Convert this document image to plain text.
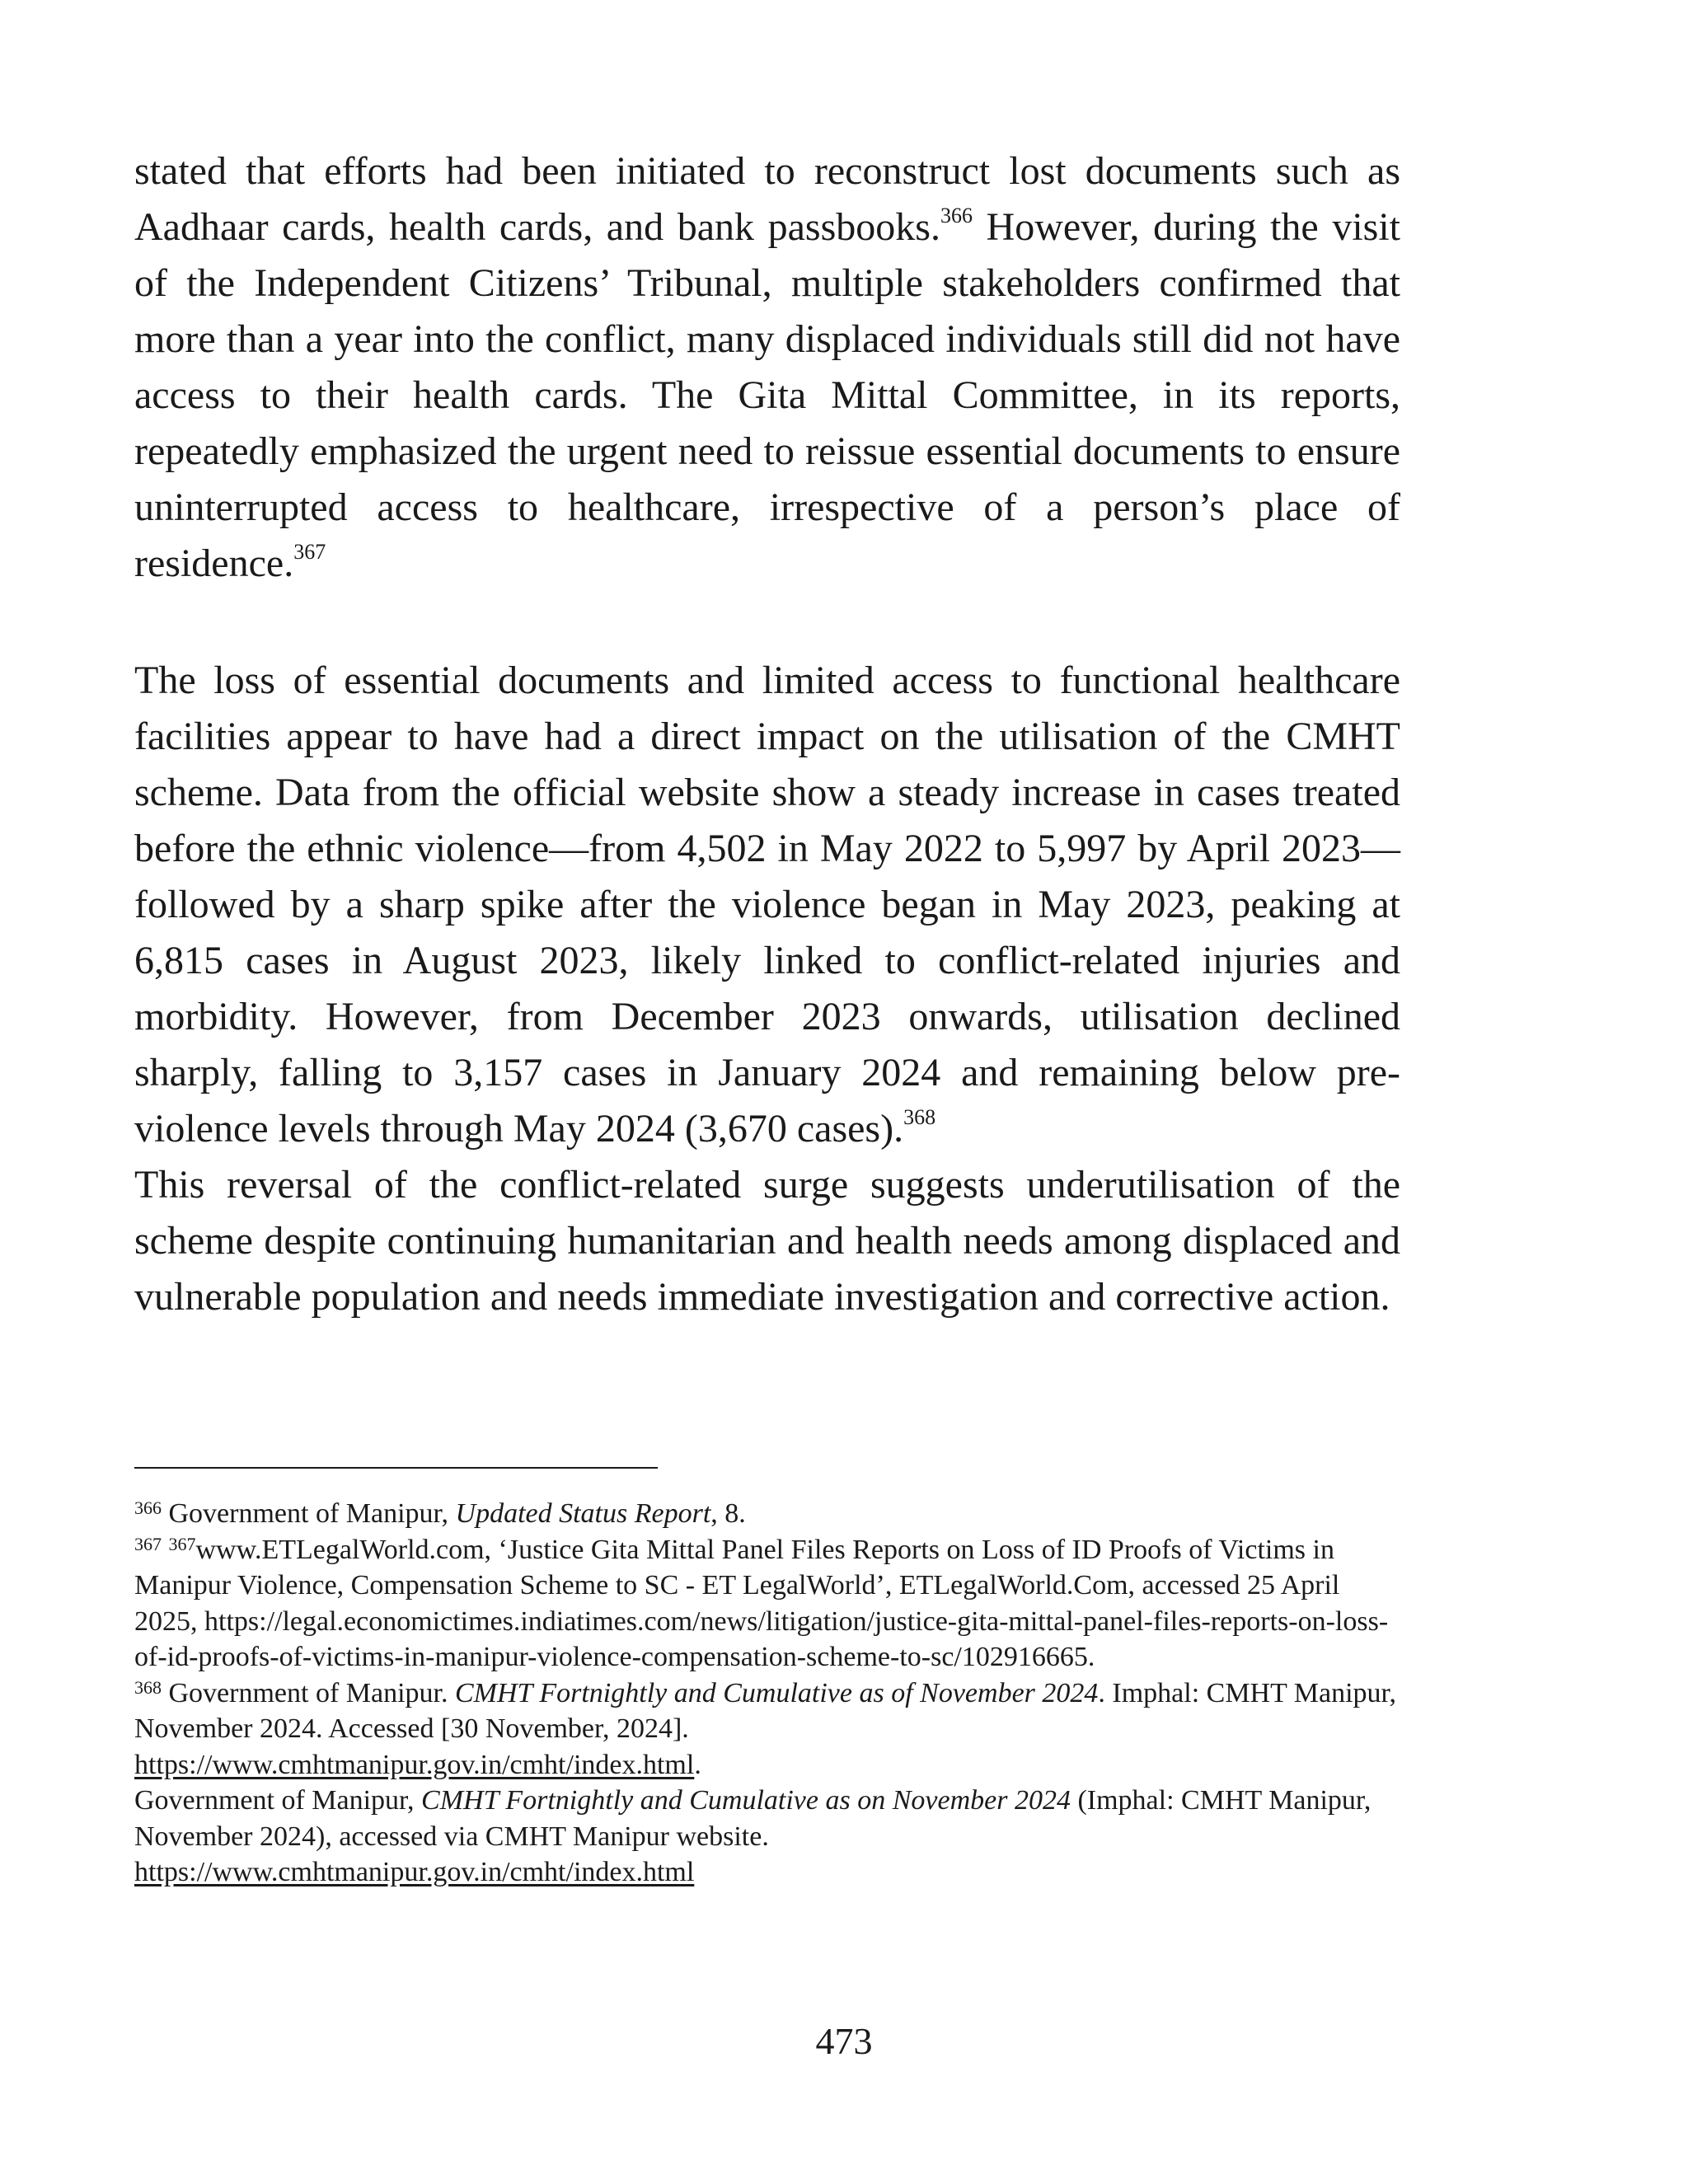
stated that efforts had been initiated to reconstruct lost documents such as Aadhaar cards, health cards, and bank passbooks.$^{366}$ However, during the visit of the Independent Citizens’ Tribunal, multiple stakeholders confirmed that more than a year into the conflict, many displaced individuals still did not have access to their health cards. The Gita Mittal Committee, in its reports, repeatedly emphasized the urgent need to reissue essential documents to ensure uninterrupted access to healthcare, irrespective of a person’s place of residence.$^{367}$

The loss of essential documents and limited access to functional healthcare facilities appear to have had a direct impact on the utilisation of the CMHT scheme. Data from the official website show a steady increase in cases treated before the ethnic violence—from 4,502 in May 2022 to 5,997 by April 2023—followed by a sharp spike after the violence began in May 2023, peaking at 6,815 cases in August 2023, likely linked to conflict-related injuries and morbidity. However, from December 2023 onwards, utilisation declined sharply, falling to 3,157 cases in January 2024 and remaining below pre-violence levels through May 2024 (3,670 cases).$^{368}$
This reversal of the conflict-related surge suggests underutilisation of the scheme despite continuing humanitarian and health needs among displaced and vulnerable population and needs immediate investigation and corrective action.

$^{366}$ Government of Manipur, Updated Status Report, 8.

$^{367}$ $^{367}$www.ETLegalWorld.com, ‘Justice Gita Mittal Panel Files Reports on Loss of ID Proofs of Victims in Manipur Violence, Compensation Scheme to SC - ET LegalWorld’, ETLegalWorld.Com, accessed 25 April 2025, https://legal.economictimes.indiatimes.com/news/litigation/justice-gita-mittal-panel-files-reports-on-loss-of-id-proofs-of-victims-in-manipur-violence-compensation-scheme-to-sc/102916665.

$^{368}$ Government of Manipur. CMHT Fortnightly and Cumulative as of November 2024. Imphal: CMHT Manipur, November 2024. Accessed [30 November, 2024].
https://www.cmhtmanipur.gov.in/cmht/index.html.

Government of Manipur, CMHT Fortnightly and Cumulative as on November 2024 (Imphal: CMHT Manipur, November 2024), accessed via CMHT Manipur website.
https://www.cmhtmanipur.gov.in/cmht/index.html

473
